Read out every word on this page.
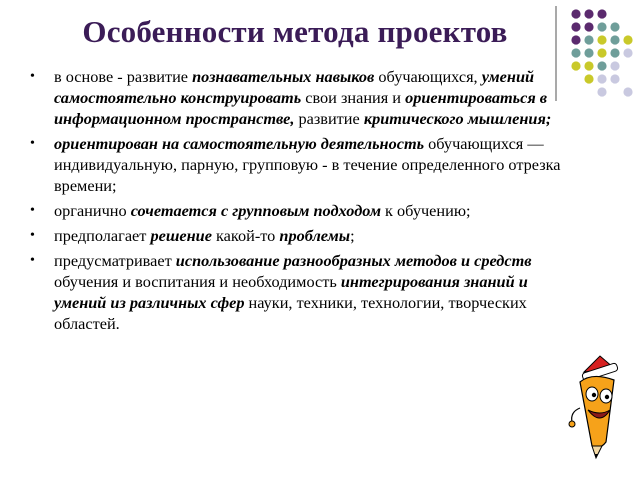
Особенности метода проектов
• в основе - развитие познавательных навыков обучающихся, умений самостоятельно конструировать свои знания и ориентироваться в информационном пространстве, развитие критического мышления;
• ориентирован на самостоятельную деятельность обучающихся — индивидуальную, парную, групповую - в течение определенного отрезка времени;
• органично сочетается с групповым подходом к обучению;
• предполагает решение какой-то проблемы;
• предусматривает использование разнообразных методов и средств обучения и воспитания и необходимость интегрирования знаний и умений из различных сфер науки, техники, технологии, творческих областей.
